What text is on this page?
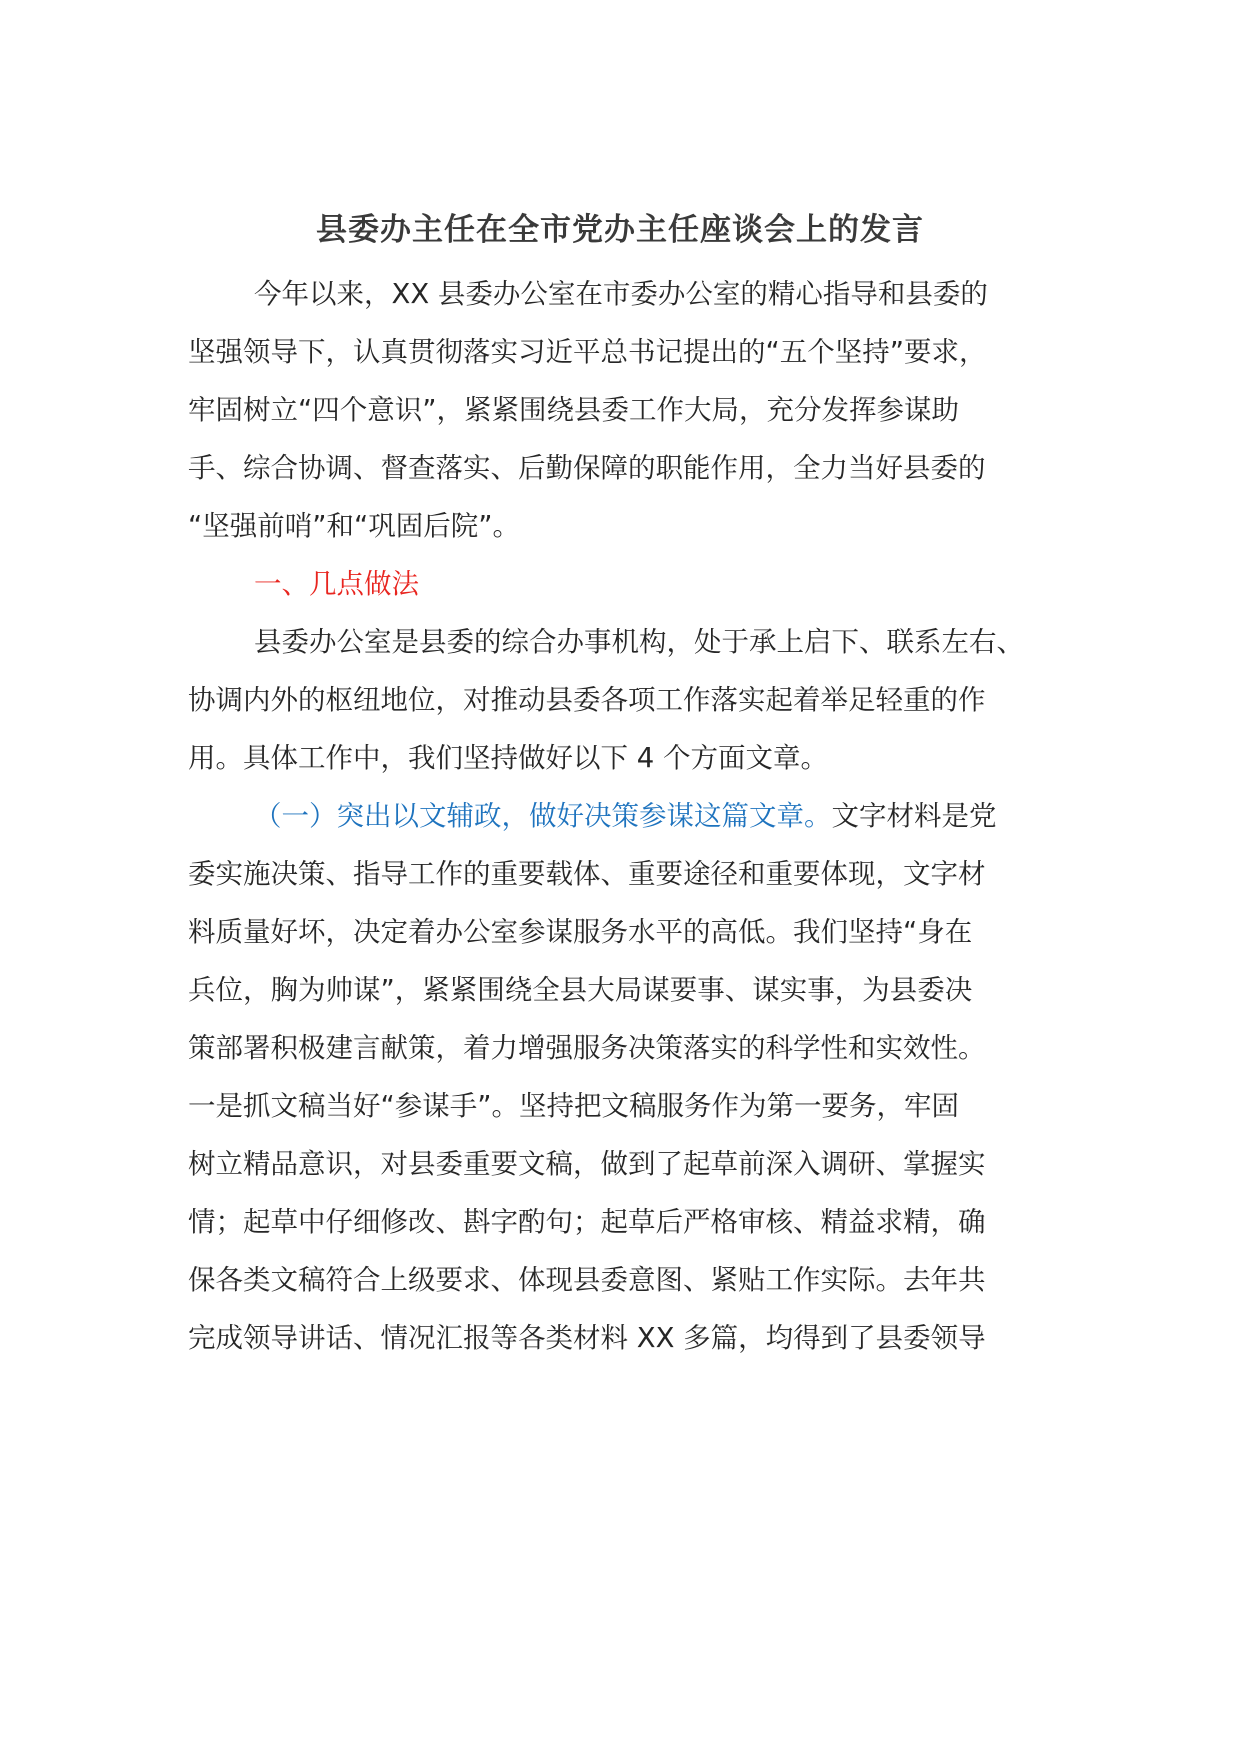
县委办主任在全市党办主任座谈会上的发言
今年以来，XX 县委办公室在市委办公室的精心指导和县委的
坚强领导下，认真贯彻落实习近平总书记提出的“五个坚持”要求，
牢固树立“四个意识”，紧紧围绕县委工作大局，充分发挥参谋助
手、综合协调、督查落实、后勤保障的职能作用，全力当好县委的
“坚强前哨”和“巩固后院”。
一、几点做法
县委办公室是县委的综合办事机构，处于承上启下、联系左右、
协调内外的枢纽地位，对推动县委各项工作落实起着举足轻重的作
用。具体工作中，我们坚持做好以下 4 个方面文章。
（一）突出以文辅政，做好决策参谋这篇文章。文字材料是党
委实施决策、指导工作的重要载体、重要途径和重要体现，文字材
料质量好坏，决定着办公室参谋服务水平的高低。我们坚持“身在
兵位，胸为帅谋”，紧紧围绕全县大局谋要事、谋实事，为县委决
策部署积极建言献策，着力增强服务决策落实的科学性和实效性。
一是抓文稿当好“参谋手”。坚持把文稿服务作为第一要务，牢固
树立精品意识，对县委重要文稿，做到了起草前深入调研、掌握实
情；起草中仔细修改、斟字酌句；起草后严格审核、精益求精，确
保各类文稿符合上级要求、体现县委意图、紧贴工作实际。去年共
完成领导讲话、情况汇报等各类材料 XX 多篇，均得到了县委领导
